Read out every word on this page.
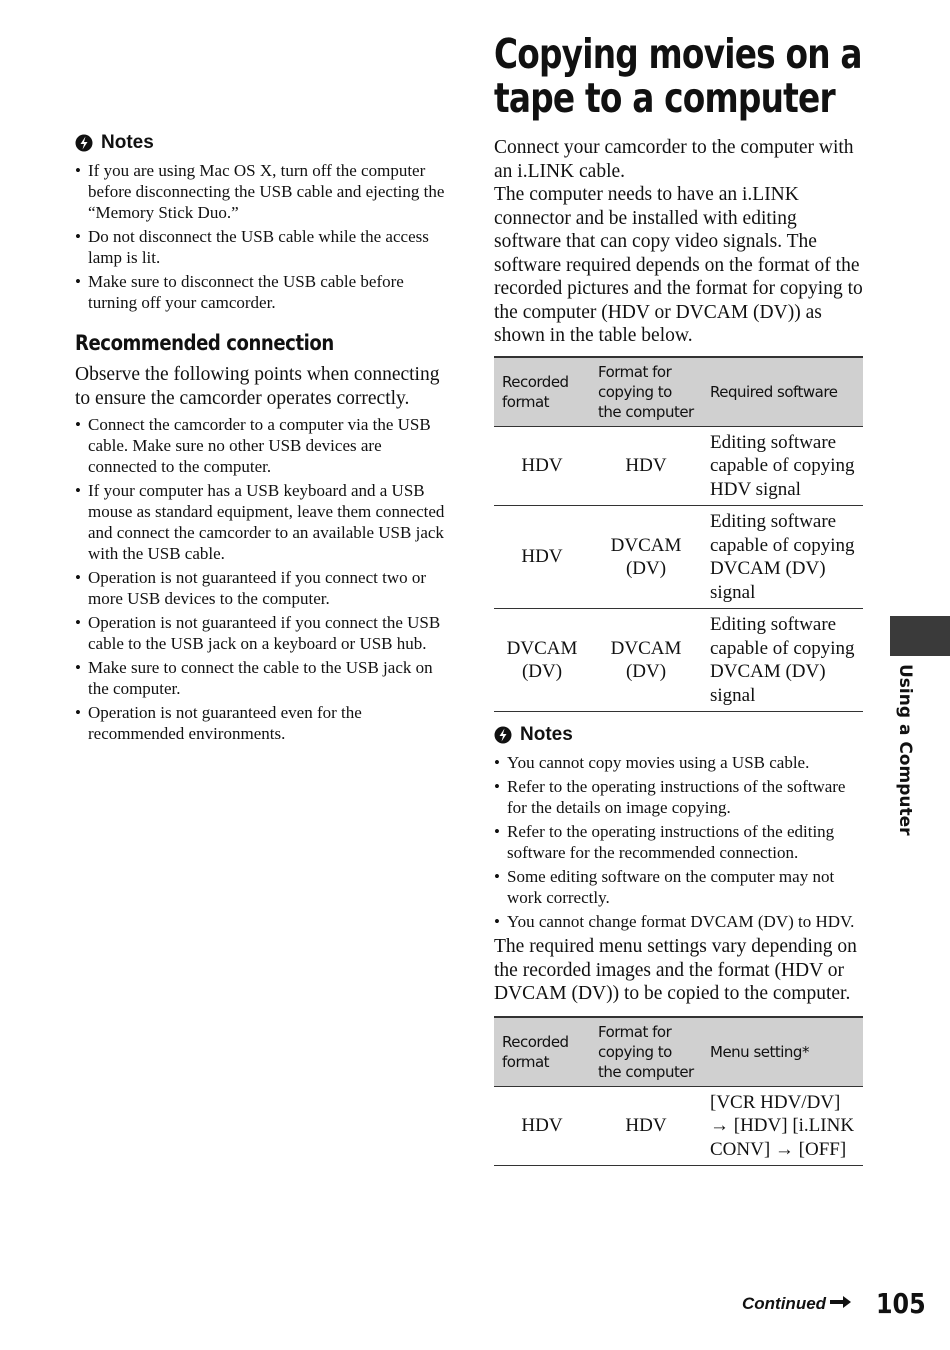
Notes
• If you are using Mac OS X, turn off the computer before disconnecting the USB cable and ejecting the “Memory Stick Duo.”
• Do not disconnect the USB cable while the access lamp is lit.
• Make sure to disconnect the USB cable before turning off your camcorder.
Recommended connection
Observe the following points when connecting to ensure the camcorder operates correctly.
• Connect the camcorder to a computer via the USB cable. Make sure no other USB devices are connected to the computer.
• If your computer has a USB keyboard and a USB mouse as standard equipment, leave them connected and connect the camcorder to an available USB jack with the USB cable.
• Operation is not guaranteed if you connect two or more USB devices to the computer.
• Operation is not guaranteed if you connect the USB cable to the USB jack on a keyboard or USB hub.
• Make sure to connect the cable to the USB jack on the computer.
• Operation is not guaranteed even for the recommended environments.
Copying movies on a
tape to a computer
Connect your camcorder to the computer with an i.LINK cable.
The computer needs to have an i.LINK connector and be installed with editing software that can copy video signals. The software required depends on the format of the recorded pictures and the format for copying to the computer (HDV or DVCAM (DV)) as shown in the table below.
Recorded format	Format for copying to the computer	Required software
HDV	HDV	Editing software capable of copying HDV signal
HDV	DVCAM (DV)	Editing software capable of copying DVCAM (DV) signal
DVCAM (DV)	DVCAM (DV)	Editing software capable of copying DVCAM (DV) signal
Notes
• You cannot copy movies using a USB cable.
• Refer to the operating instructions of the software for the details on image copying.
• Refer to the operating instructions of the editing software for the recommended connection.
• Some editing software on the computer may not work correctly.
• You cannot change format DVCAM (DV) to HDV.
The required menu settings vary depending on the recorded images and the format (HDV or DVCAM (DV)) to be copied to the computer.
Recorded format	Format for copying to the computer	Menu setting*
HDV	HDV	[VCR HDV/DV] → [HDV] [i.LINK CONV] → [OFF]
Using a Computer
Continued 105
